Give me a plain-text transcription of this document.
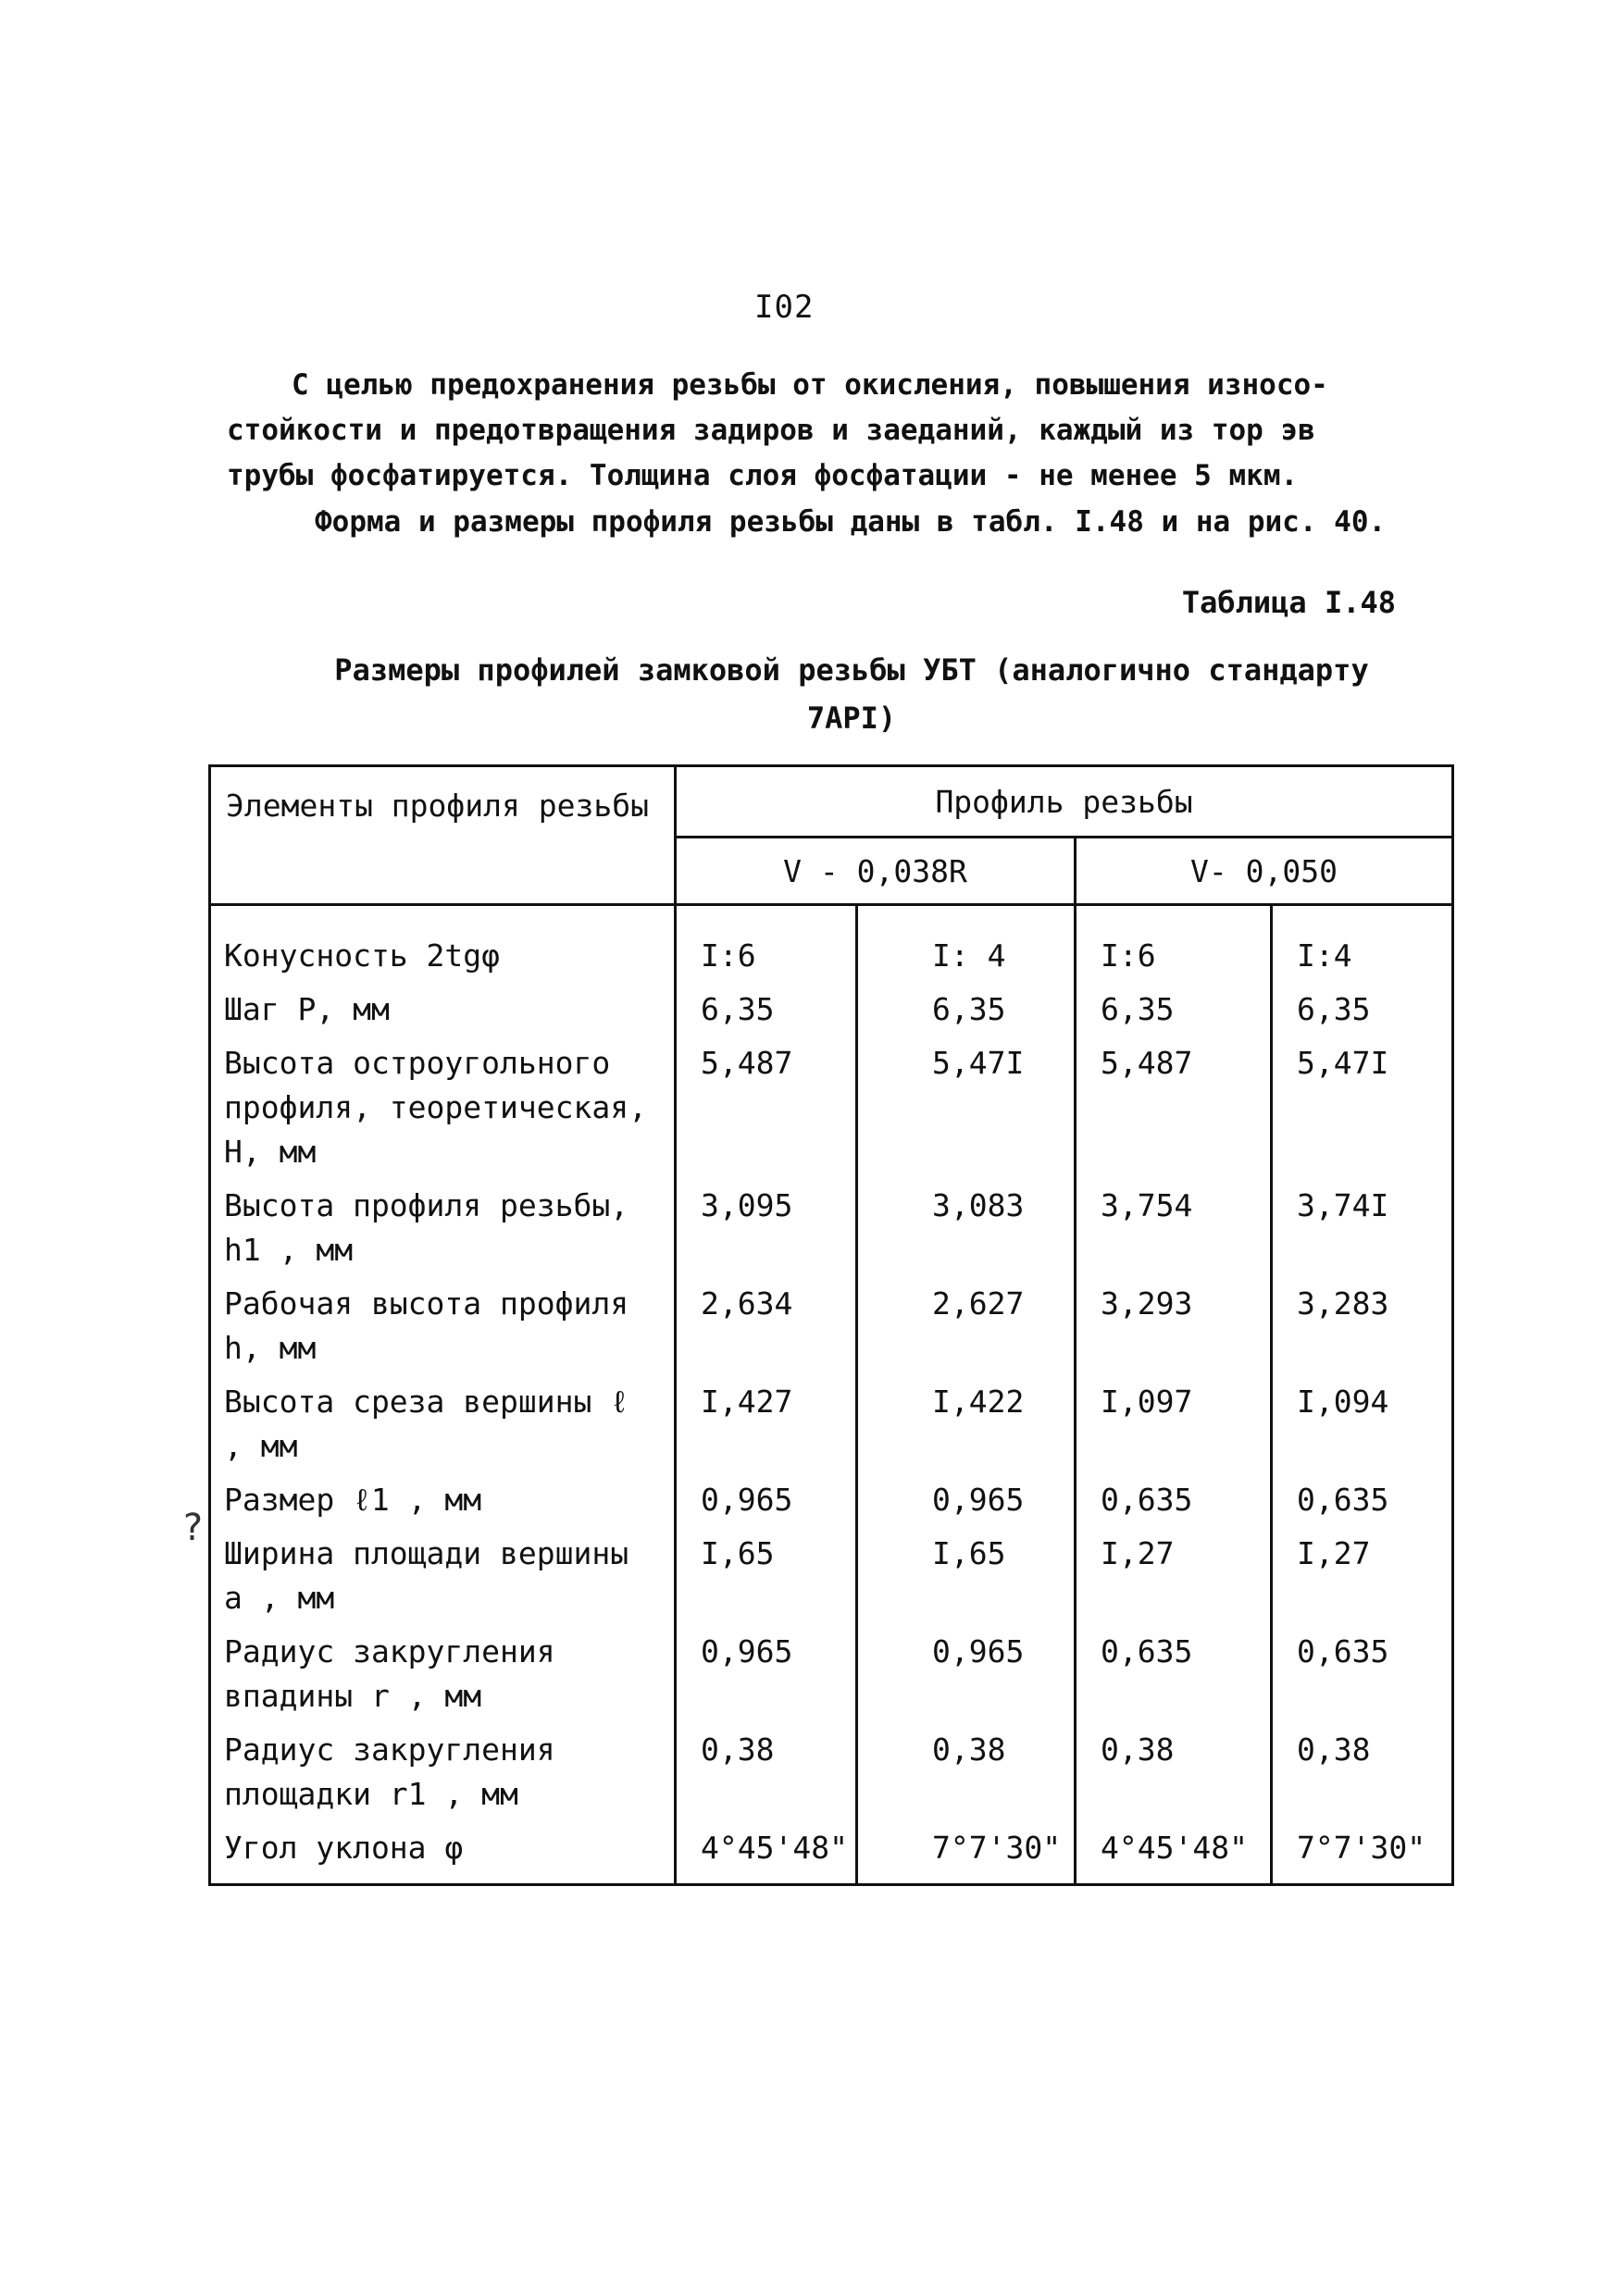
I02
С целью предохранения резьбы от окисления, повышения износо-
стойкости и предотвращения задиров и заеданий, каждый из тор эв
трубы фосфатируется. Толщина слоя фосфатации - не менее 5 мкм.
Форма и размеры профиля резьбы даны в табл. I.48 и на рис. 40.
Таблица I.48
Размеры профилей замковой резьбы УБТ (аналогично стандарту
7API)
?
Элементы профиля резьбы	Профиль резьбы			
	V - 0,038R		V- 0,050	
Конусность 2tgφ	I:6	I: 4	I:6	I:4
Шаг P, мм	6,35	6,35	6,35	6,35
Высота остроугольного профиля, теоретическая, H, мм	5,487	5,47I	5,487	5,47I
Высота профиля резьбы, h1 , мм	3,095	3,083	3,754	3,74I
Рабочая высота профиля h, мм	2,634	2,627	3,293	3,283
Высота среза вершины ℓ , мм	I,427	I,422	I,097	I,094
Размер ℓ1 , мм	0,965	0,965	0,635	0,635
Ширина площади вершины a , мм	I,65	I,65	I,27	I,27
Радиус закругления впадины r , мм	0,965	0,965	0,635	0,635
Радиус закругления площадки r1 , мм	0,38	0,38	0,38	0,38
Угол уклона φ	4°45'48"	7°7'30"	4°45'48"	7°7'30"
